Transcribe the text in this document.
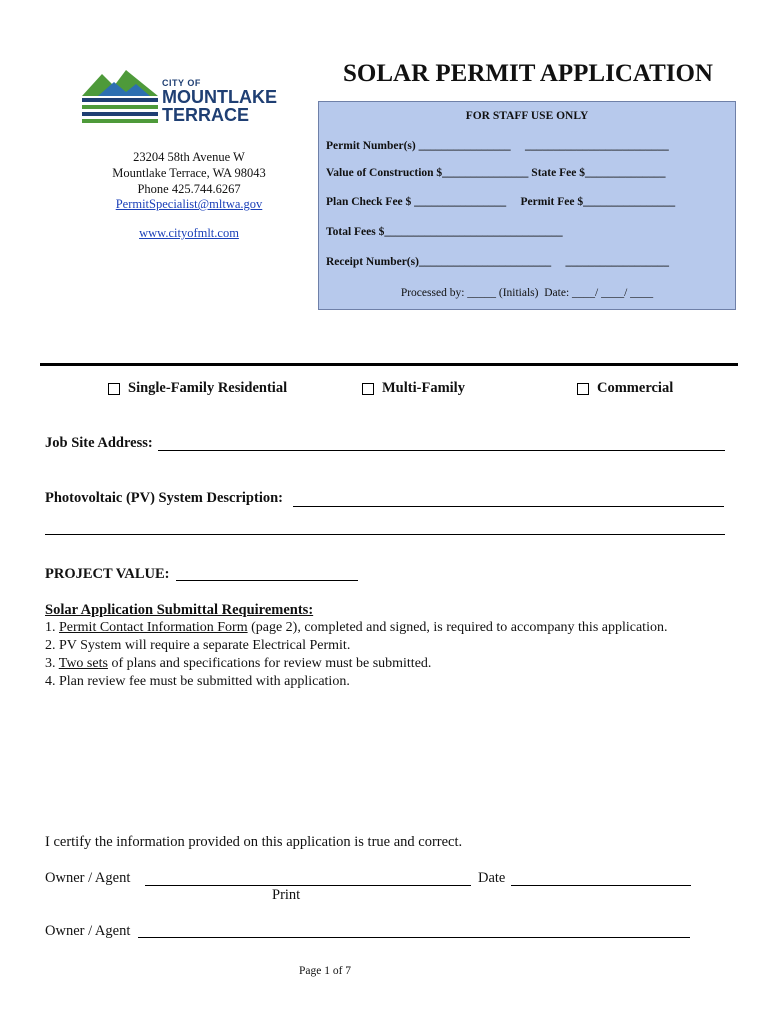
CITY OF
MOUNTLAKE
TERRACE
23204 58th Avenue W
Mountlake Terrace, WA 98043
Phone 425.744.6267
PermitSpecialist@mltwa.gov
www.cityofmlt.com
SOLAR PERMIT APPLICATION
FOR STAFF USE ONLY
Permit Number(s) ________________     _________________________
Value of Construction $_______________ State Fee $______________
Plan Check Fee $ ________________     Permit Fee $________________
Total Fees $_______________________________
Receipt Number(s)_______________________     __________________
Processed by: _____ (Initials)  Date: ____/ ____/ ____
Single-Family Residential	Multi-Family	Commercial
Job Site Address:
Photovoltaic (PV) System Description:
PROJECT VALUE:
Solar Application Submittal Requirements:
1. Permit Contact Information Form (page 2), completed and signed, is required to accompany this application.
2. PV System will require a separate Electrical Permit.
3. Two sets of plans and specifications for review must be submitted.
4. Plan review fee must be submitted with application.
I certify the information provided on this application is true and correct.
Owner / Agent	Date
Print
Owner / Agent
Page 1 of 7
